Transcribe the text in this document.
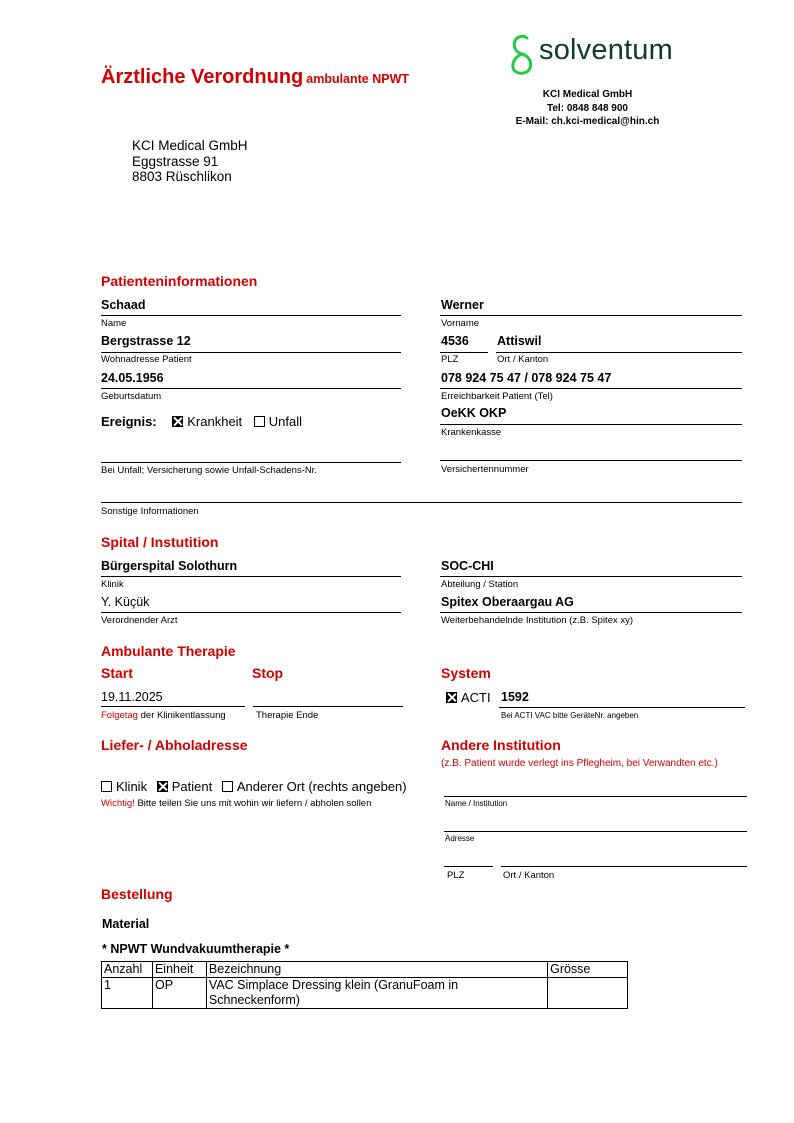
Ärztliche Verordnung ambulante NPWT
solventum
KCI Medical GmbH
Tel: 0848 848 900
E-Mail: ch.kci-medical@hin.ch
KCI Medical GmbH
Eggstrasse 91
8803 Rüschlikon
Patienteninformationen
Schaad
Name
Werner
Vorname
Bergstrasse 12
Wohnadresse Patient
4536
PLZ
Attiswil
Ort / Kanton
24.05.1956
Geburtsdatum
078 924 75 47 / 078 924 75 47
Erreichbarkeit Patient (Tel)
Ereignis: Krankheit Unfall
OeKK OKP
Krankenkasse
Bei Unfall; Versicherung sowie Unfall-Schadens-Nr.	Versichertennummer
Sonstige Informationen
Spital / Instutition
Bürgerspital Solothurn
Klinik
SOC-CHI
Abteilung / Station
Y. Küçük
Verordnender Arzt
Spitex Oberaargau AG
Weiterbehandelnde Institution (z.B. Spitex xy)
Ambulante Therapie
Start	Stop
19.11.2025
Folgetag der Klinikentlassung	Therapie Ende
System
ACTI 1592
Bei ACTI VAC bitte GeräteNr. angeben
Liefer- / Abholadresse
Klinik Patient Anderer Ort (rechts angeben)
Wichtig! Bitte teilen Sie uns mit wohin wir liefern / abholen sollen
Andere Institution
(z.B. Patient wurde verlegt ins Pflegheim, bei Verwandten etc.)
Name / Institution
Adresse
PLZ	Ort / Kanton
Bestellung
Material
* NPWT Wundvakuumtherapie *
Anzahl	Einheit	Bezeichnung	Grösse
1	OP	VAC Simplace Dressing klein (GranuFoam in Schneckenform)	
